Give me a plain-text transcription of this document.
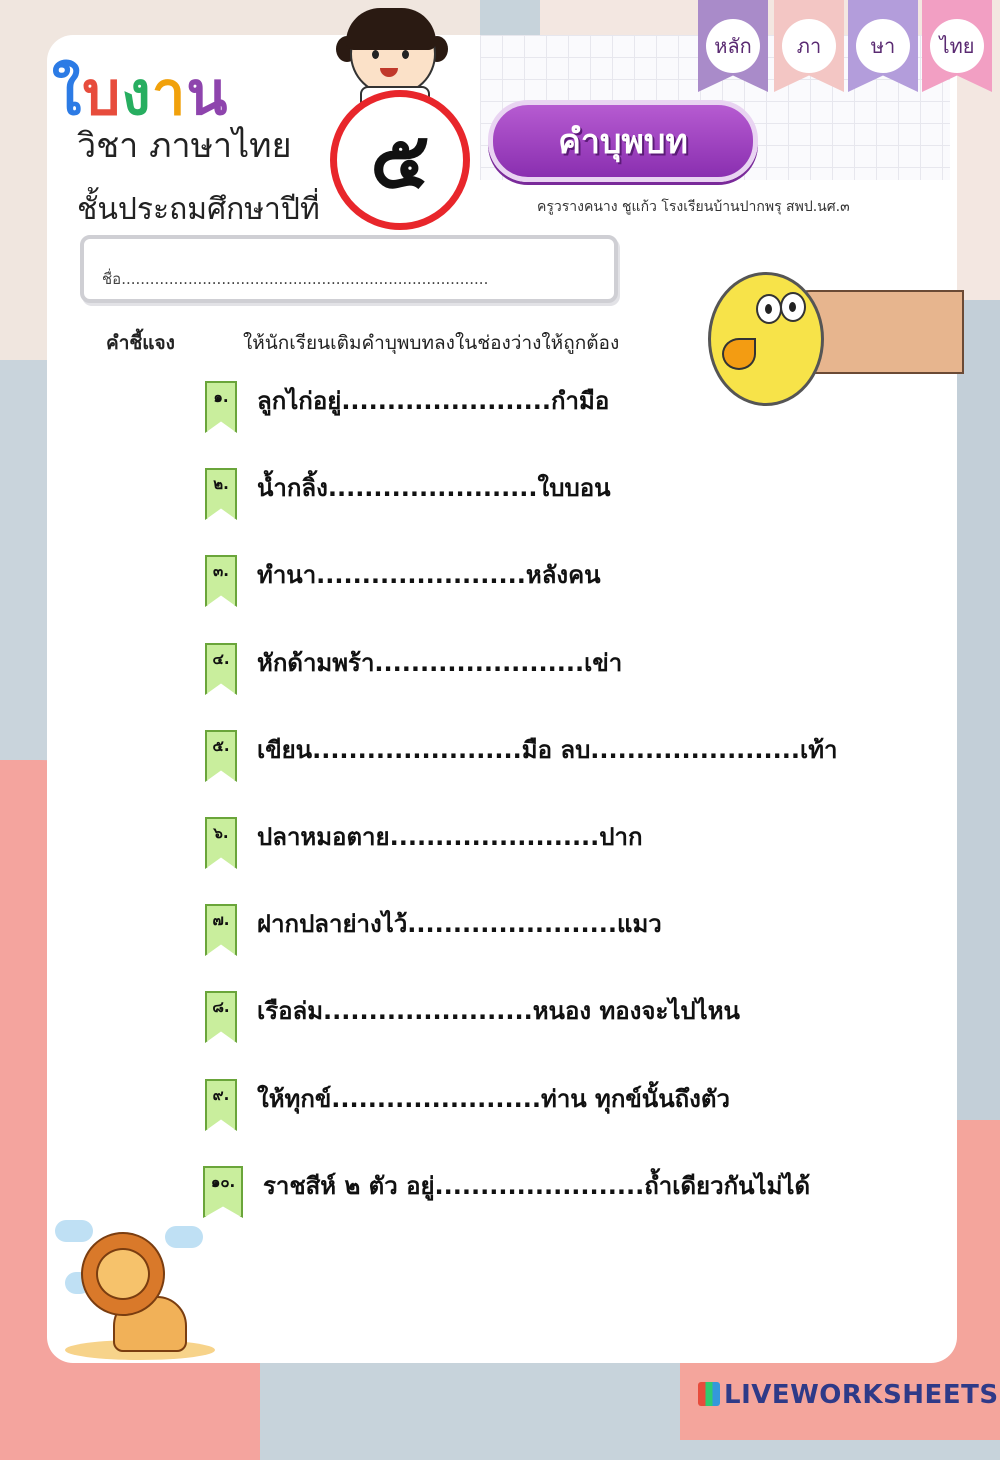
หลัก	ภา	ษา	ไทย
ใบงาน
วิชา ภาษาไทย
ชั้นประถมศึกษาปีที่
๕	คำบุพบท
ครูวรางคนาง ชูแก้ว โรงเรียนบ้านปากพรุ สพป.นศ.๓
ชื่อ.............................................................................
คำชี้แจง	ให้นักเรียนเติมคำบุพบทลงในช่องว่างให้ถูกต้อง
๑.	ลูกไก่อยู่.......................กำมือ
๒.	น้ำกลิ้ง.......................ใบบอน
๓.	ทำนา.......................หลังคน
๔.	หักด้ามพร้า.......................เข่า
๕.	เขียน.......................มือ ลบ.......................เท้า
๖.	ปลาหมอตาย.......................ปาก
๗.	ฝากปลาย่างไว้.......................แมว
๘.	เรือล่ม.......................หนอง ทองจะไปไหน
๙.	ให้ทุกข์.......................ท่าน ทุกข์นั้นถึงตัว
๑๐.	ราชสีห์ ๒ ตัว อยู่.......................ถ้ำเดียวกันไม่ได้
LIVEWORKSHEETS
